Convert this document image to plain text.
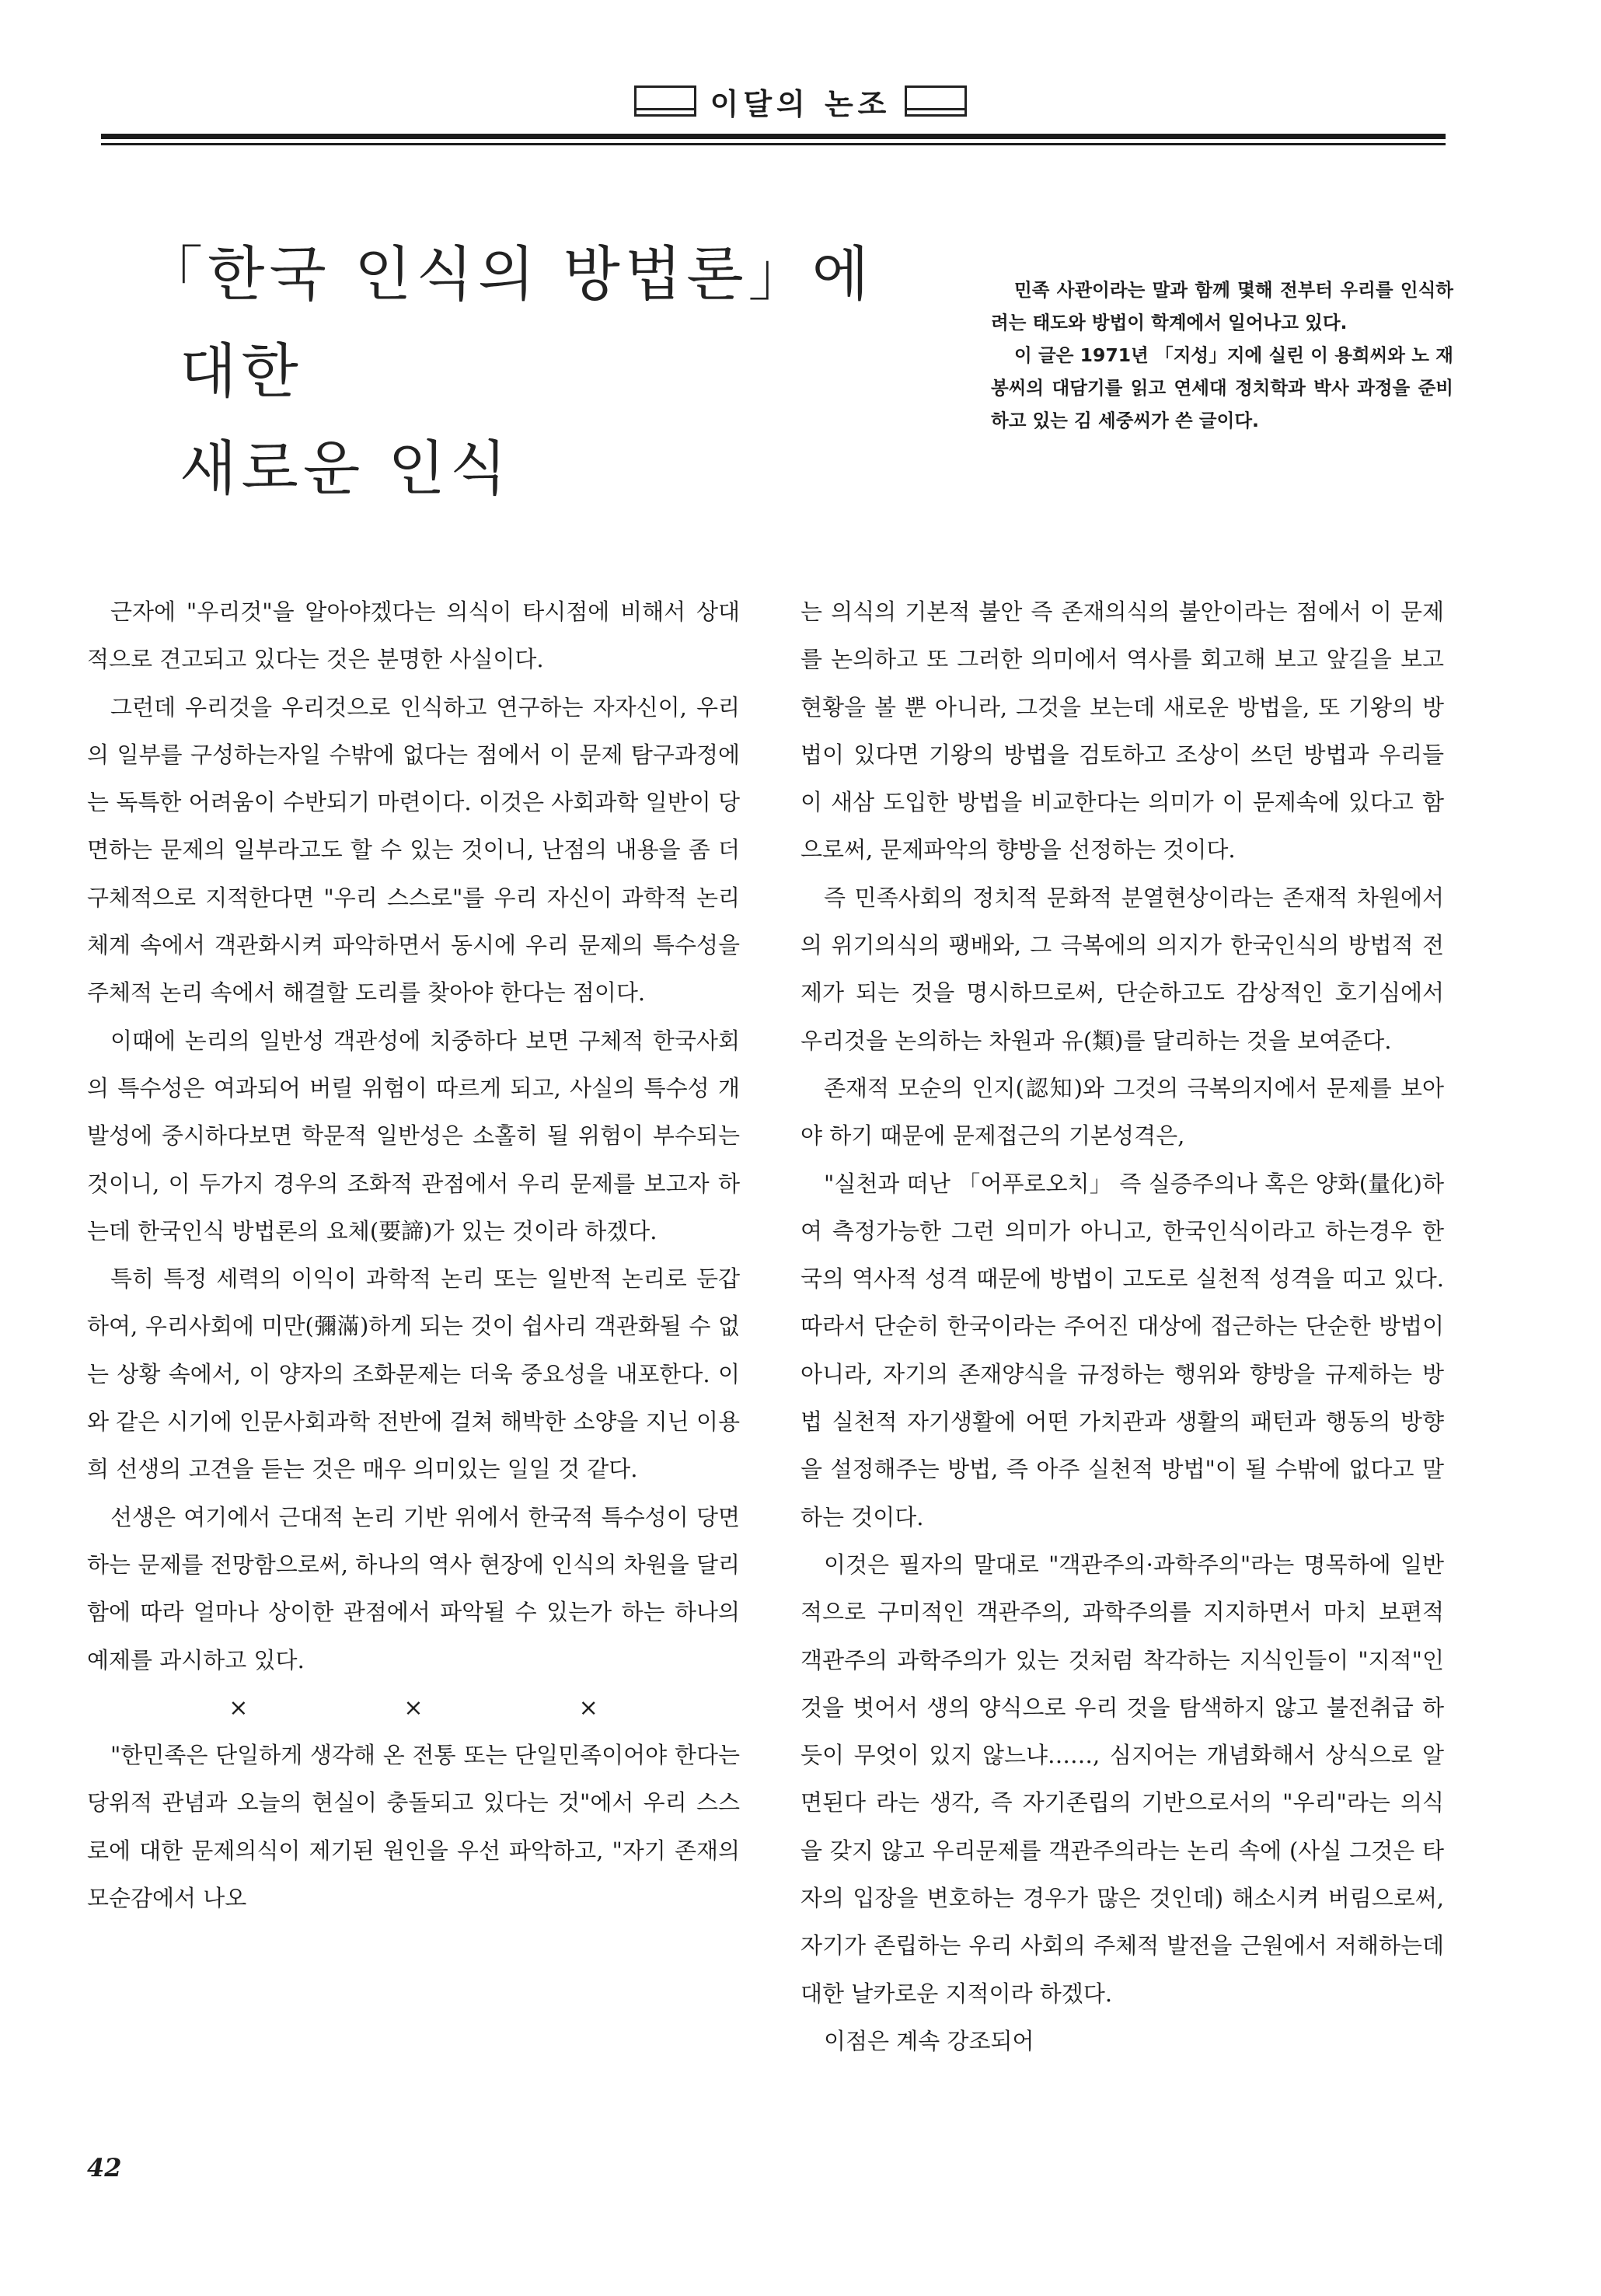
이달의 논조
「한국 인식의 방법론」에
대한
새로운 인식

민족 사관이라는 말과 함께 몇해 전부터 우리를 인식하려는 태도와 방법이 학계에서 일어나고 있다.

이 글은 1971년 「지성」지에 실린 이 용희씨와 노 재봉씨의 대담기를 읽고 연세대 정치학과 박사 과정을 준비하고 있는 김 세중씨가 쓴 글이다.

근자에 "우리것"을 알아야겠다는 의식이 타시점에 비해서 상대적으로 견고되고 있다는 것은 분명한 사실이다.

그런데 우리것을 우리것으로 인식하고 연구하는 자자신이, 우리의 일부를 구성하는자일 수밖에 없다는 점에서 이 문제 탐구과정에는 독특한 어려움이 수반되기 마련이다. 이것은 사회과학 일반이 당면하는 문제의 일부라고도 할 수 있는 것이니, 난점의 내용을 좀 더 구체적으로 지적한다면 "우리 스스로"를 우리 자신이 과학적 논리체계 속에서 객관화시켜 파악하면서 동시에 우리 문제의 특수성을 주체적 논리 속에서 해결할 도리를 찾아야 한다는 점이다.

이때에 논리의 일반성 객관성에 치중하다 보면 구체적 한국사회의 특수성은 여과되어 버릴 위험이 따르게 되고, 사실의 특수성 개발성에 중시하다보면 학문적 일반성은 소홀히 될 위험이 부수되는 것이니, 이 두가지 경우의 조화적 관점에서 우리 문제를 보고자 하는데 한국인식 방법론의 요체(要諦)가 있는 것이라 하겠다.

특히 특정 세력의 이익이 과학적 논리 또는 일반적 논리로 둔갑하여, 우리사회에 미만(彌滿)하게 되는 것이 쉽사리 객관화될 수 없는 상황 속에서, 이 양자의 조화문제는 더욱 중요성을 내포한다. 이와 같은 시기에 인문사회과학 전반에 걸쳐 해박한 소양을 지닌 이용희 선생의 고견을 듣는 것은 매우 의미있는 일일 것 같다.

선생은 여기에서 근대적 논리 기반 위에서 한국적 특수성이 당면하는 문제를 전망함으로써, 하나의 역사 현장에 인식의 차원을 달리함에 따라 얼마나 상이한 관점에서 파악될 수 있는가 하는 하나의 예제를 과시하고 있다.

×	×	×

"한민족은 단일하게 생각해 온 전통 또는 단일민족이어야 한다는 당위적 관념과 오늘의 현실이 충돌되고 있다는 것"에서 우리 스스로에 대한 문제의식이 제기된 원인을 우선 파악하고, "자기 존재의 모순감에서 나오

는 의식의 기본적 불안 즉 존재의식의 불안이라는 점에서 이 문제를 논의하고 또 그러한 의미에서 역사를 회고해 보고 앞길을 보고 현황을 볼 뿐 아니라, 그것을 보는데 새로운 방법을, 또 기왕의 방법이 있다면 기왕의 방법을 검토하고 조상이 쓰던 방법과 우리들이 새삼 도입한 방법을 비교한다는 의미가 이 문제속에 있다고 함으로써, 문제파악의 향방을 선정하는 것이다.

즉 민족사회의 정치적 문화적 분열현상이라는 존재적 차원에서의 위기의식의 팽배와, 그 극복에의 의지가 한국인식의 방법적 전제가 되는 것을 명시하므로써, 단순하고도 감상적인 호기심에서 우리것을 논의하는 차원과 유(類)를 달리하는 것을 보여준다.

존재적 모순의 인지(認知)와 그것의 극복의지에서 문제를 보아야 하기 때문에 문제접근의 기본성격은,

"실천과 떠난 「어푸로오치」 즉 실증주의나 혹은 양화(量化)하여 측정가능한 그런 의미가 아니고, 한국인식이라고 하는경우 한국의 역사적 성격 때문에 방법이 고도로 실천적 성격을 띠고 있다. 따라서 단순히 한국이라는 주어진 대상에 접근하는 단순한 방법이 아니라, 자기의 존재양식을 규정하는 행위와 향방을 규제하는 방법 실천적 자기생활에 어떤 가치관과 생활의 패턴과 행동의 방향을 설정해주는 방법, 즉 아주 실천적 방법"이 될 수밖에 없다고 말하는 것이다.

이것은 필자의 말대로 "객관주의·과학주의"라는 명목하에 일반적으로 구미적인 객관주의, 과학주의를 지지하면서 마치 보편적 객관주의 과학주의가 있는 것처럼 착각하는 지식인들이 "지적"인 것을 벗어서 생의 양식으로 우리 것을 탐색하지 않고 불전취급 하듯이 무엇이 있지 않느냐……, 심지어는 개념화해서 상식으로 알면된다 라는 생각, 즉 자기존립의 기반으로서의 "우리"라는 의식을 갖지 않고 우리문제를 객관주의라는 논리 속에 (사실 그것은 타자의 입장을 변호하는 경우가 많은 것인데) 해소시켜 버림으로써, 자기가 존립하는 우리 사회의 주체적 발전을 근원에서 저해하는데 대한 날카로운 지적이라 하겠다.

이점은 계속 강조되어

42
